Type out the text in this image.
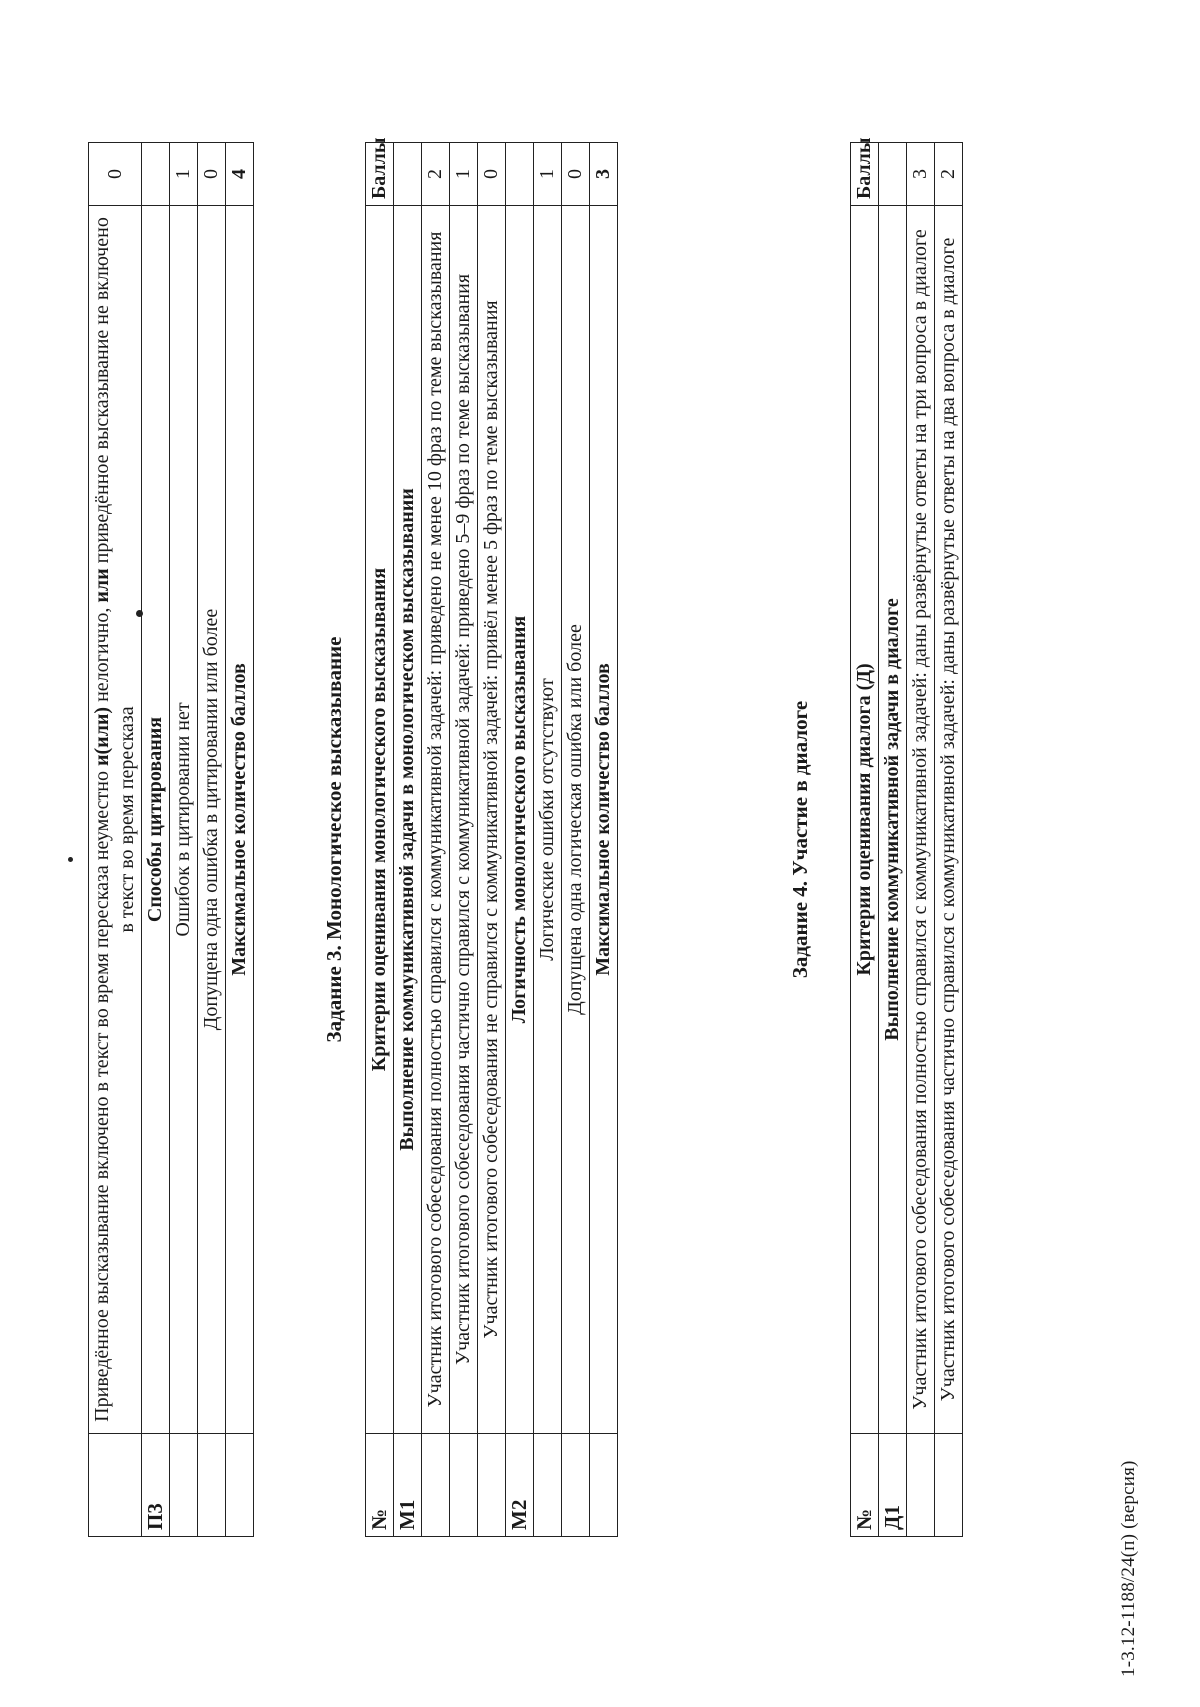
	Приведённое высказывание включено в текст во время пересказа неуместно и(или) нелогично, или приведённое высказывание не включено в текст во время пересказа	0
П3	Способы цитирования	
	Ошибок в цитировании нет	1
	Допущена одна ошибка в цитировании или более	0
	Максимальное количество баллов	4
Задание 3. Монологическое высказывание
№	Критерии оценивания монологического высказывания	Баллы
М1	Выполнение коммуникативной задачи в монологическом высказывании	
	Участник итогового собеседования полностью справился с коммуникативной задачей: приведено не менее 10 фраз по теме высказывания	2
	Участник итогового собеседования частично справился с коммуникативной задачей: приведено 5–9 фраз по теме высказывания	1
	Участник итогового собеседования не справился с коммуникативной задачей: привёл менее 5 фраз по теме высказывания	0
М2	Логичность монологического высказывания	
	Логические ошибки отсутствуют	1
	Допущена одна логическая ошибка или более	0
	Максимальное количество баллов	3
Задание 4. Участие в диалоге
№	Критерии оценивания диалога (Д)	Баллы
Д1	Выполнение коммуникативной задачи в диалоге	
	Участник итогового собеседования полностью справился с коммуникативной задачей: даны развёрнутые ответы на три вопроса в диалоге	3
	Участник итогового собеседования частично справился с коммуникативной задачей: даны развёрнутые ответы на два вопроса в диалоге	2
1-3.12-1188/24(п) (версия)
